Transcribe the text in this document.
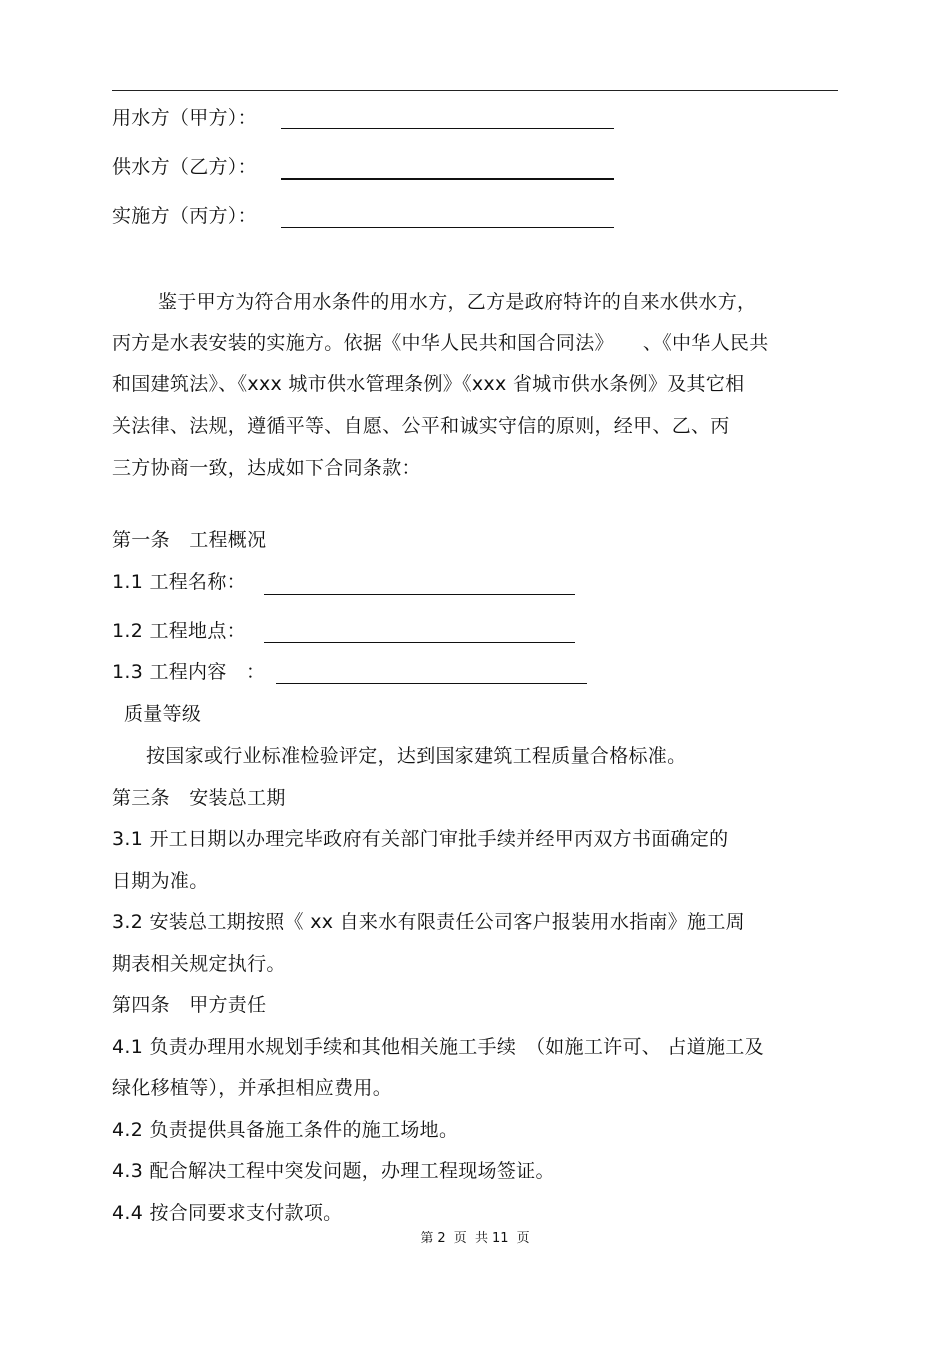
用水方（甲方）：
供水方（乙方）：
实施方（丙方）：
鉴于甲方为符合用水条件的用水方，乙方是政府特许的自来水供水方，
丙方是水表安装的实施方。依据《中华人民共和国合同法》　　、《中华人民共
和国建筑法》、《xxx 城市供水管理条例》《xxx 省城市供水条例》及其它相
关法律、法规，遵循平等、自愿、公平和诚实守信的原则，经甲、乙、丙
三方协商一致，达成如下合同条款：
第一条　工程概况
1.1 工程名称：
1.2 工程地点：
1.3 工程内容　：
质量等级
按国家或行业标准检验评定，达到国家建筑工程质量合格标准。
第三条　安装总工期
3.1 开工日期以办理完毕政府有关部门审批手续并经甲丙双方书面确定的
日期为准。
3.2 安装总工期按照《 xx 自来水有限责任公司客户报装用水指南》施工周
期表相关规定执行。
第四条　甲方责任
4.1 负责办理用水规划手续和其他相关施工手续　（如施工许可、 占道施工及
绿化移植等），并承担相应费用。
4.2 负责提供具备施工条件的施工场地。
4.3 配合解决工程中突发问题，办理工程现场签证。
4.4 按合同要求支付款项。
第 2 页 共 11 页
